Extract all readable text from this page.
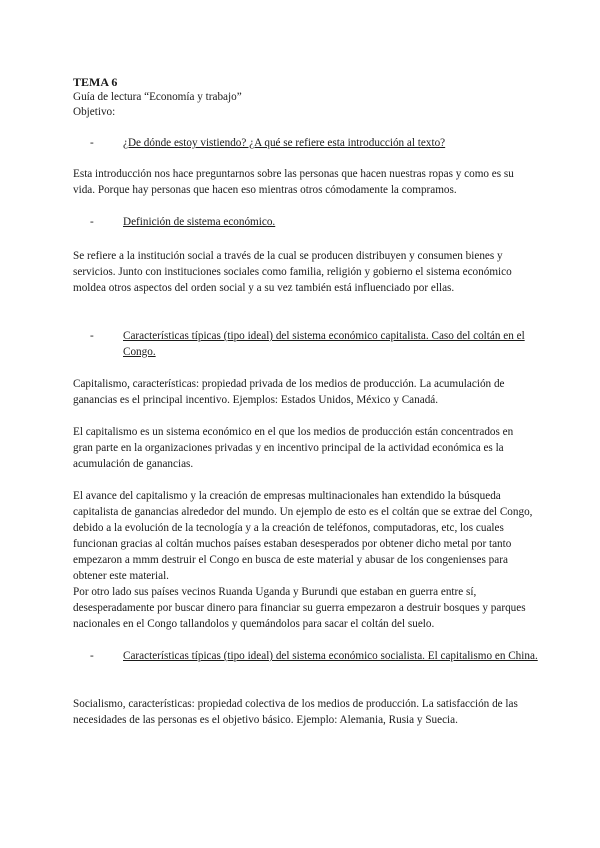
TEMA 6
Guía de lectura “Economía y trabajo”
Objetivo:
-	¿De dónde estoy vistiendo? ¿A qué se refiere esta introducción al texto?

Esta introducción nos hace preguntarnos sobre las personas que hacen nuestras ropas y como es su vida. Porque hay personas que hacen eso mientras otros cómodamente la compramos.

-	Definición de sistema económico.

Se refiere a la institución social a través de la cual se producen distribuyen y consumen bienes y servicios. Junto con instituciones sociales como familia, religión y gobierno el sistema económico moldea otros aspectos del orden social y a su vez también está influenciado por ellas.

-	Características típicas (tipo ideal) del sistema económico capitalista. Caso del coltán en el Congo.

Capitalismo, características: propiedad privada de los medios de producción. La acumulación de ganancias es el principal incentivo. Ejemplos: Estados Unidos, México y Canadá.

El capitalismo es un sistema económico en el que los medios de producción están concentrados en gran parte en la organizaciones privadas y en incentivo principal de la actividad económica es la acumulación de ganancias.

El avance del capitalismo y la creación de empresas multinacionales han extendido la búsqueda capitalista de ganancias alrededor del mundo. Un ejemplo de esto es el coltán que se extrae del Congo, debido a la evolución de la tecnología y a la creación de teléfonos, computadoras, etc, los cuales funcionan gracias al coltán muchos países estaban desesperados por obtener dicho metal por tanto empezaron a mmm destruir el Congo en busca de este material y abusar de los congenienses para obtener este material.

Por otro lado sus países vecinos Ruanda Uganda y Burundi que estaban en guerra entre sí, desesperadamente por buscar dinero para financiar su guerra empezaron a destruir bosques y parques nacionales en el Congo tallandolos y quemándolos para sacar el coltán del suelo.

-	Características típicas (tipo ideal) del sistema económico socialista. El capitalismo en China.

Socialismo, características: propiedad colectiva de los medios de producción. La satisfacción de las necesidades de las personas es el objetivo básico. Ejemplo: Alemania, Rusia y Suecia.
